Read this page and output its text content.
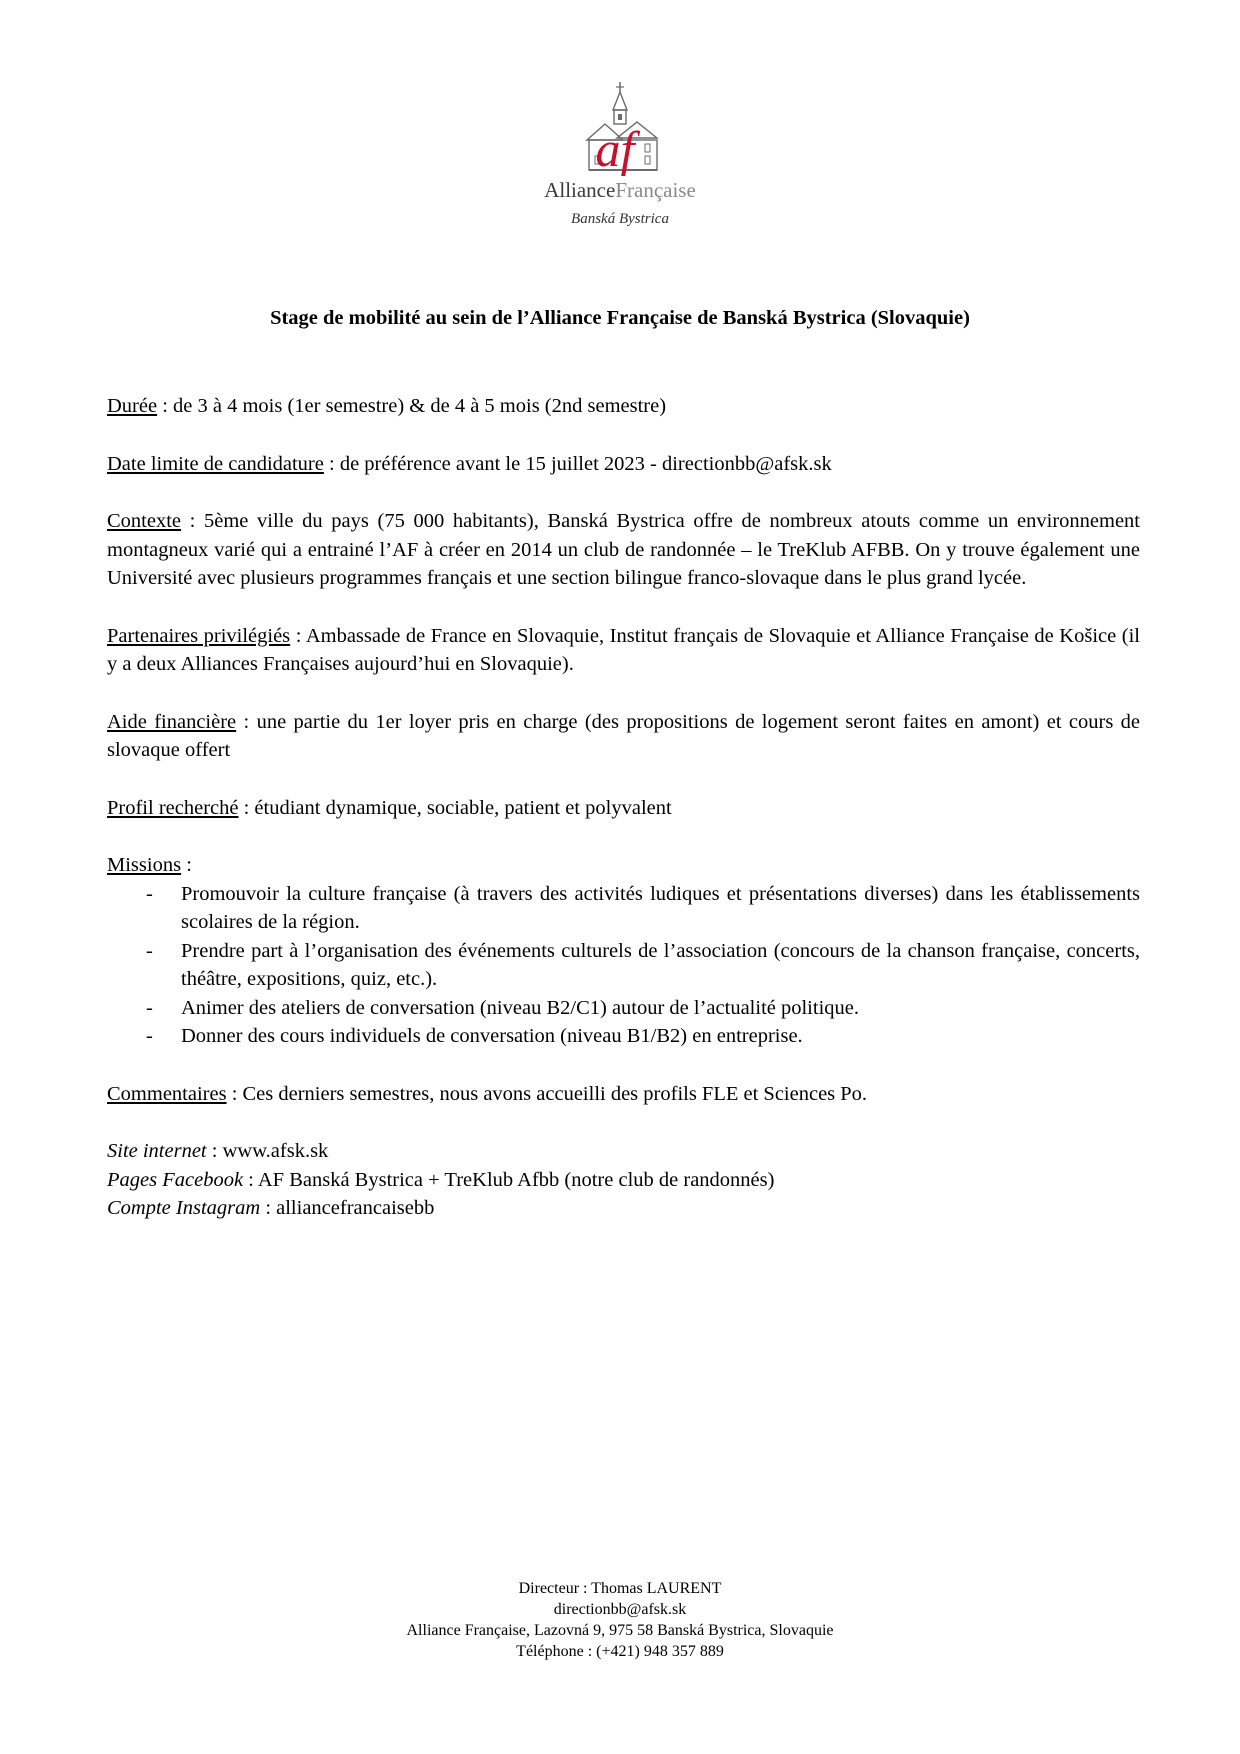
af
AllianceFrançaise
Banská Bystrica
Stage de mobilité au sein de l’Alliance Française de Banská Bystrica (Slovaquie)

Durée : de 3 à 4 mois (1er semestre) & de 4 à 5 mois (2nd semestre)

Date limite de candidature : de préférence avant le 15 juillet 2023 - directionbb@afsk.sk

Contexte : 5ème ville du pays (75 000 habitants), Banská Bystrica offre de nombreux atouts comme un environnement montagneux varié qui a entrainé l’AF à créer en 2014 un club de randonnée – le TreKlub AFBB. On y trouve également une Université avec plusieurs programmes français et une section bilingue franco-slovaque dans le plus grand lycée.

Partenaires privilégiés : Ambassade de France en Slovaquie, Institut français de Slovaquie et Alliance Française de Košice (il y a deux Alliances Françaises aujourd’hui en Slovaquie).

Aide financière : une partie du 1er loyer pris en charge (des propositions de logement seront faites en amont) et cours de slovaque offert

Profil recherché : étudiant dynamique, sociable, patient et polyvalent

Missions :

- Promouvoir la culture française (à travers des activités ludiques et présentations diverses) dans les établissements scolaires de la région.
- Prendre part à l’organisation des événements culturels de l’association (concours de la chanson française, concerts, théâtre, expositions, quiz, etc.).
- Animer des ateliers de conversation (niveau B2/C1) autour de l’actualité politique.
- Donner des cours individuels de conversation (niveau B1/B2) en entreprise.

Commentaires : Ces derniers semestres, nous avons accueilli des profils FLE et Sciences Po.

Site internet : www.afsk.sk

Pages Facebook : AF Banská Bystrica + TreKlub Afbb (notre club de randonnés)

Compte Instagram : alliancefrancaisebb

Directeur : Thomas LAURENT
directionbb@afsk.sk
Alliance Française, Lazovná 9, 975 58 Banská Bystrica, Slovaquie
Téléphone : (+421) 948 357 889
